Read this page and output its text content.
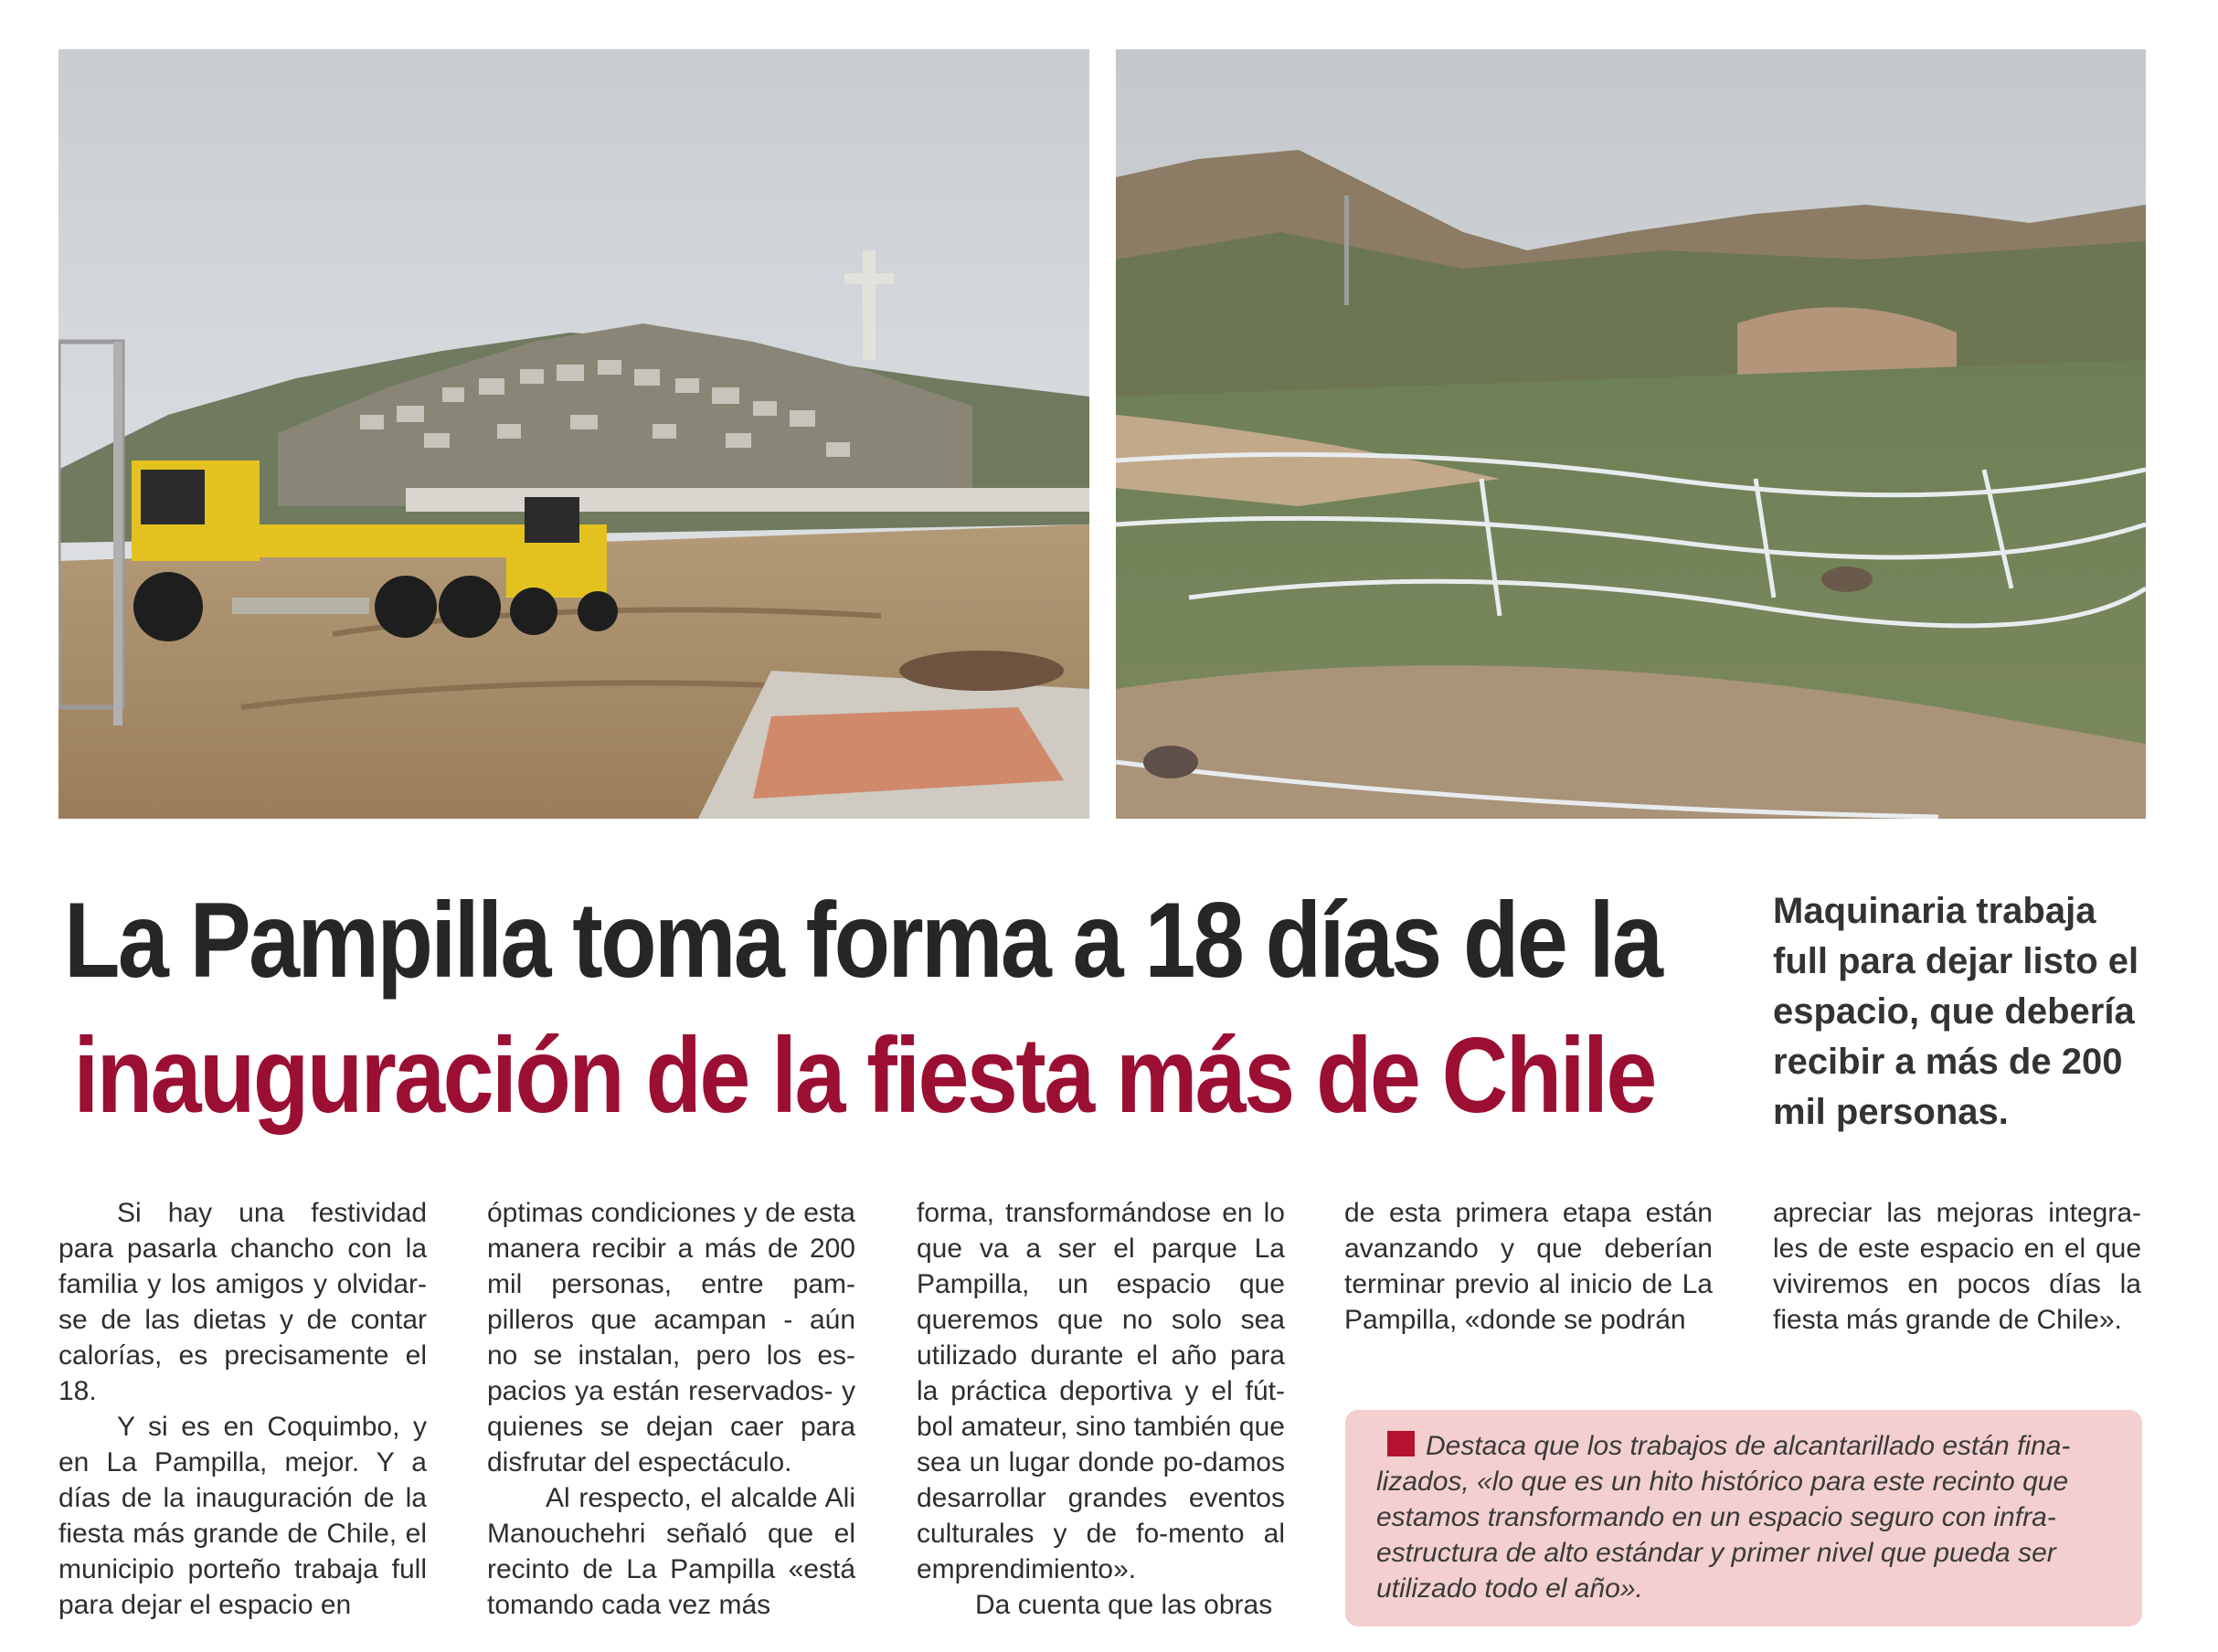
La Pampilla toma forma a 18 días de la
inauguración de la fiesta más de Chile
Maquinaria trabaja full para dejar listo el espacio, que debería recibir a más de 200 mil personas.

Si hay una festividad para pasarla chancho con la familia y los amigos y olvidar-se de las dietas y de contar calorías, es precisamente el 18.

Y si es en Coquimbo, y en La Pampilla, mejor. Y a días de la inauguración de la fiesta más grande de Chile, el municipio porteño trabaja full para dejar el espacio en

óptimas condiciones y de esta manera recibir a más de 200 mil personas, entre pam-pilleros que acampan - aún no se instalan, pero los es-pacios ya están reservados- y quienes se dejan caer para disfrutar del espectáculo.

Al respecto, el alcalde Ali Manouchehri señaló que el recinto de La Pampilla «está tomando cada vez más

forma, transformándose en lo que va a ser el parque La Pampilla, un espacio que queremos que no solo sea utilizado durante el año para la práctica deportiva y el fút-bol amateur, sino también que sea un lugar donde po-damos desarrollar grandes eventos culturales y de fo-mento al emprendimiento».

Da cuenta que las obras

de esta primera etapa están avanzando y que deberían terminar previo al inicio de La Pampilla, «donde se podrán

apreciar las mejoras integra-les de este espacio en el que viviremos en pocos días la fiesta más grande de Chile».

Destaca que los trabajos de alcantarillado están fina-lizados, «lo que es un hito histórico para este recinto que estamos transformando en un espacio seguro con infra-estructura de alto estándar y primer nivel que pueda ser utilizado todo el año».
